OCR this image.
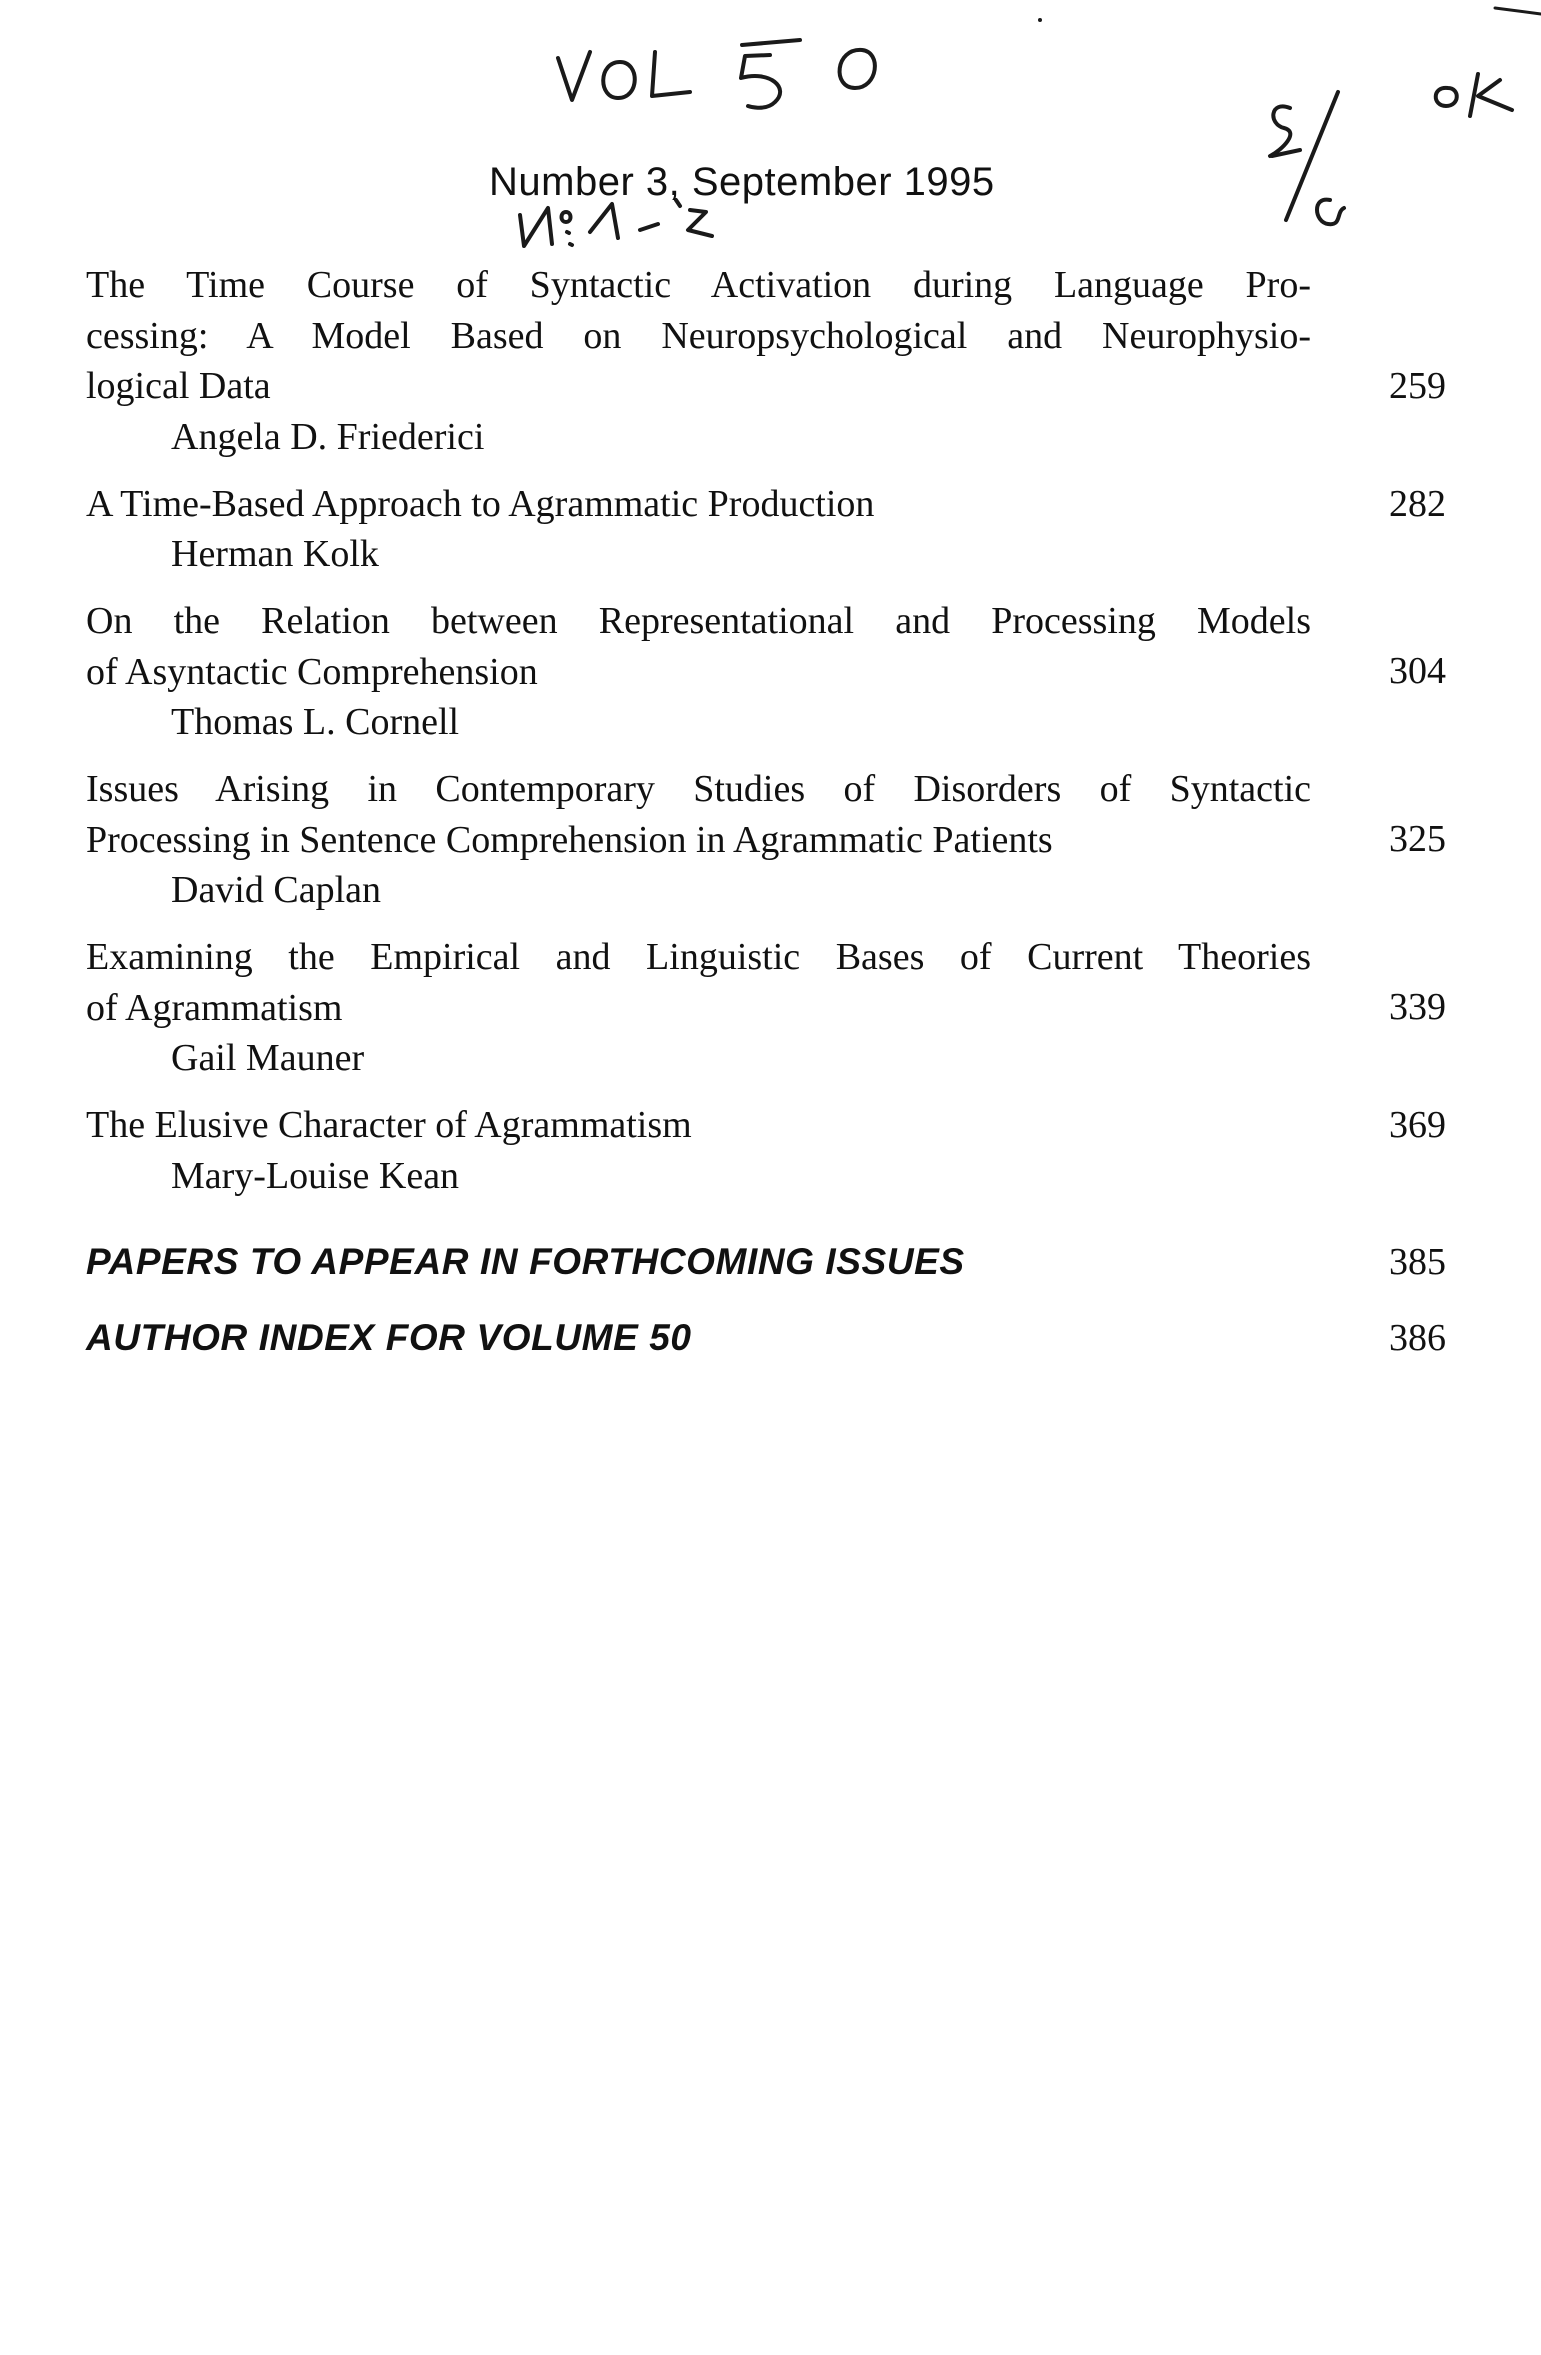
Number 3, September 1995
The Time Course of Syntactic Activation during Language Pro-
cessing: A Model Based on Neuropsychological and Neurophysio-
logical Data	259
Angela D. Friederici
A Time-Based Approach to Agrammatic Production	282
Herman Kolk
On the Relation between Representational and Processing Models
of Asyntactic Comprehension	304
Thomas L. Cornell
Issues Arising in Contemporary Studies of Disorders of Syntactic
Processing in Sentence Comprehension in Agrammatic Patients	325
David Caplan
Examining the Empirical and Linguistic Bases of Current Theories
of Agrammatism	339
Gail Mauner
The Elusive Character of Agrammatism	369
Mary-Louise Kean
PAPERS TO APPEAR IN FORTHCOMING ISSUES	385
AUTHOR INDEX FOR VOLUME 50	386
